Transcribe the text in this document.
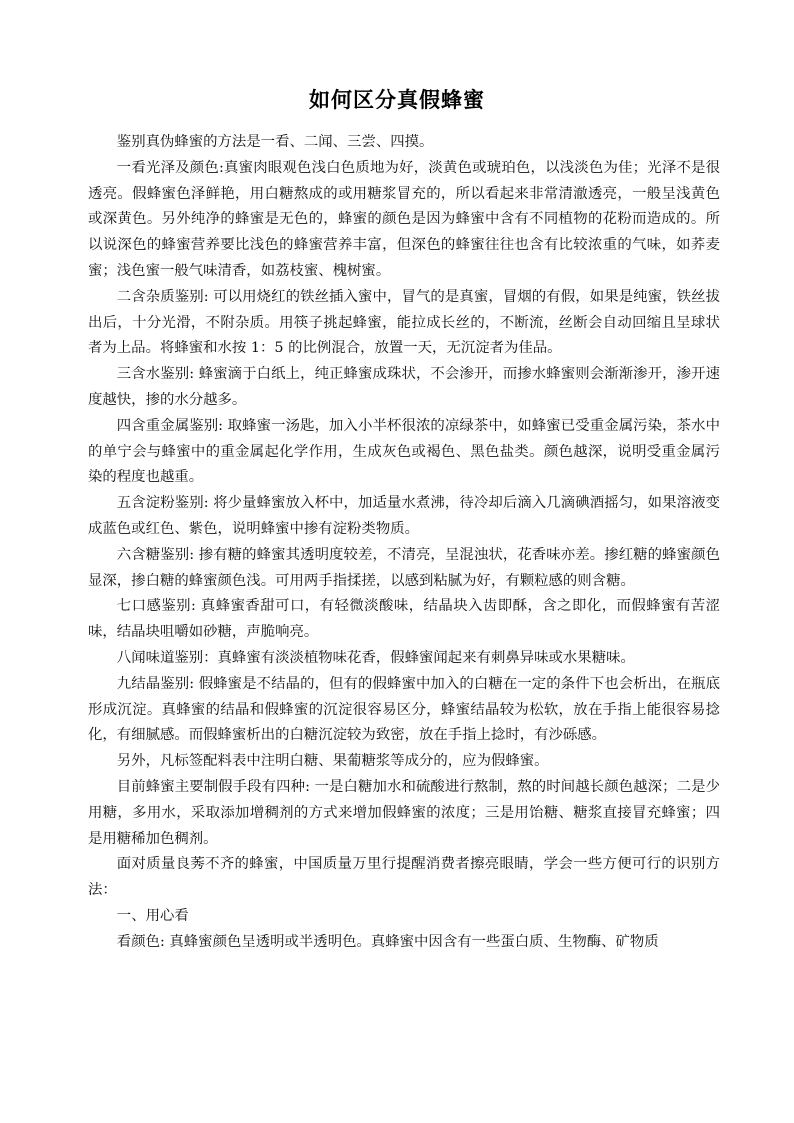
如何区分真假蜂蜜

鉴别真伪蜂蜜的方法是一看、二闻、三尝、四摸。

一看光泽及颜色:真蜜肉眼观色浅白色质地为好，淡黄色或琥珀色，以浅淡色为佳；光泽不是很透亮。假蜂蜜色泽鲜艳，用白糖熬成的或用糖浆冒充的，所以看起来非常清澈透亮，一般呈浅黄色或深黄色。另外纯净的蜂蜜是无色的，蜂蜜的颜色是因为蜂蜜中含有不同植物的花粉而造成的。所以说深色的蜂蜜营养要比浅色的蜂蜜营养丰富，但深色的蜂蜜往往也含有比较浓重的气味，如荞麦蜜；浅色蜜一般气味清香，如荔枝蜜、槐树蜜。

二含杂质鉴别: 可以用烧红的铁丝插入蜜中，冒气的是真蜜，冒烟的有假，如果是纯蜜，铁丝拔出后，十分光滑，不附杂质。用筷子挑起蜂蜜，能拉成长丝的，不断流，丝断会自动回缩且呈球状者为上品。将蜂蜜和水按 1：5 的比例混合，放置一天，无沉淀者为佳品。

三含水鉴别: 蜂蜜滴于白纸上，纯正蜂蜜成珠状，不会渗开，而掺水蜂蜜则会渐渐渗开，渗开速度越快，掺的水分越多。

四含重金属鉴别: 取蜂蜜一汤匙，加入小半杯很浓的凉绿茶中，如蜂蜜已受重金属污染，茶水中的单宁会与蜂蜜中的重金属起化学作用，生成灰色或褐色、黑色盐类。颜色越深，说明受重金属污染的程度也越重。

五含淀粉鉴别: 将少量蜂蜜放入杯中，加适量水煮沸，待冷却后滴入几滴碘酒摇匀，如果溶液变成蓝色或红色、紫色，说明蜂蜜中掺有淀粉类物质。

六含糖鉴别: 掺有糖的蜂蜜其透明度较差，不清亮，呈混浊状，花香味亦差。掺红糖的蜂蜜颜色显深，掺白糖的蜂蜜颜色浅。可用两手指揉搓，以感到粘腻为好，有颗粒感的则含糖。

七口感鉴别: 真蜂蜜香甜可口，有轻微淡酸味，结晶块入齿即酥，含之即化，而假蜂蜜有苦涩味，结晶块咀嚼如砂糖，声脆响亮。

八闻味道鉴别：真蜂蜜有淡淡植物味花香，假蜂蜜闻起来有刺鼻异味或水果糖味。

九结晶鉴别: 假蜂蜜是不结晶的，但有的假蜂蜜中加入的白糖在一定的条件下也会析出，在瓶底形成沉淀。真蜂蜜的结晶和假蜂蜜的沉淀很容易区分，蜂蜜结晶较为松软，放在手指上能很容易捻化，有细腻感。而假蜂蜜析出的白糖沉淀较为致密，放在手指上捻时，有沙砾感。

另外，凡标签配料表中注明白糖、果葡糖浆等成分的，应为假蜂蜜。

目前蜂蜜主要制假手段有四种: 一是白糖加水和硫酸进行熬制，熬的时间越长颜色越深；二是少用糖，多用水，采取添加增稠剂的方式来增加假蜂蜜的浓度；三是用饴糖、糖浆直接冒充蜂蜜；四是用糖稀加色稠剂。

面对质量良莠不齐的蜂蜜，中国质量万里行提醒消费者擦亮眼睛，学会一些方便可行的识别方法：

一、用心看

看颜色: 真蜂蜜颜色呈透明或半透明色。真蜂蜜中因含有一些蛋白质、生物酶、矿物质
